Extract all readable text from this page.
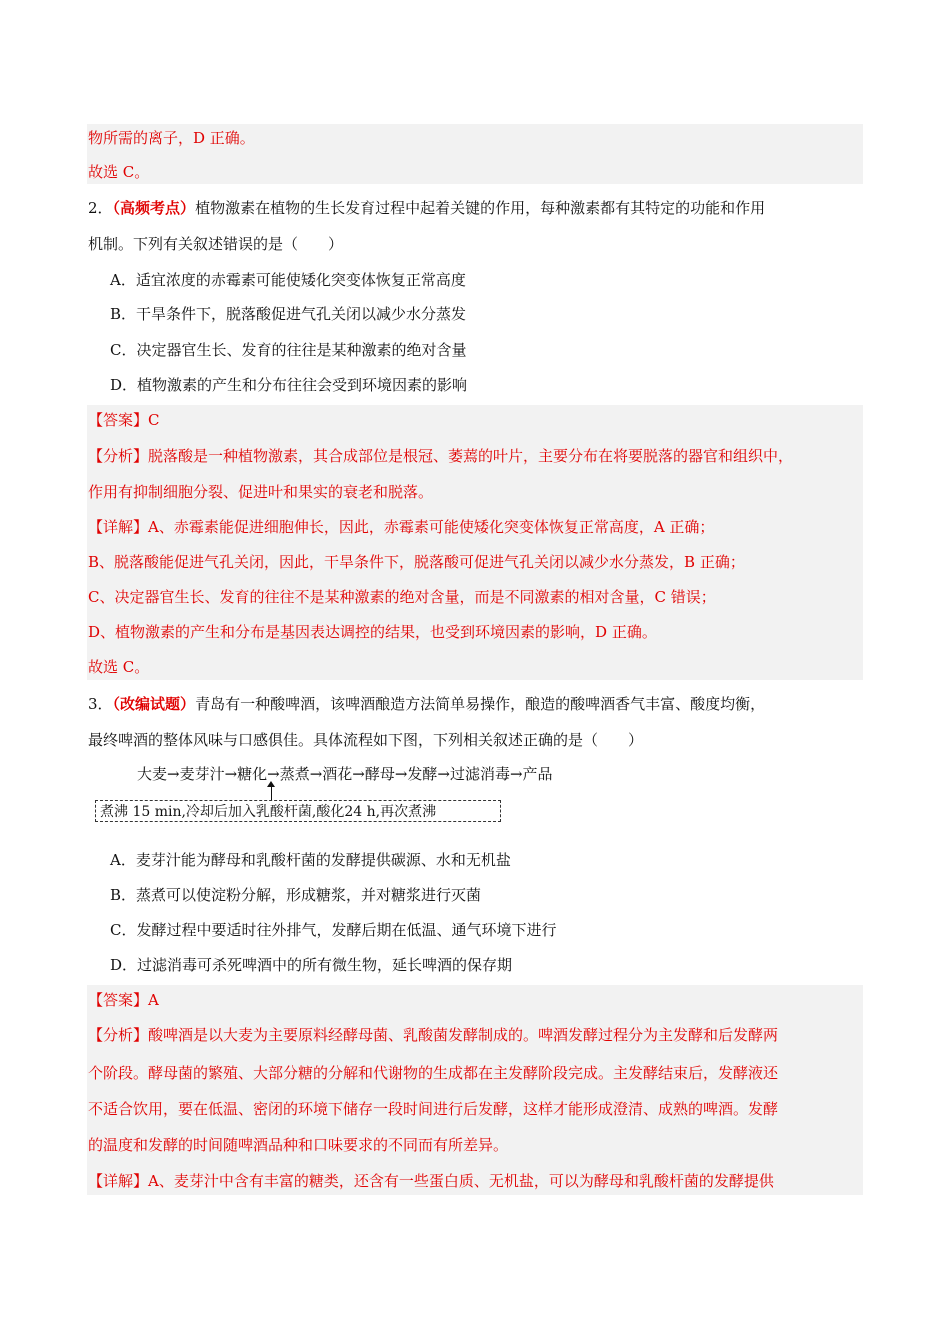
物所需的离子，D 正确。
故选 C。
2．（高频考点）植物激素在植物的生长发育过程中起着关键的作用，每种激素都有其特定的功能和作用
机制。下列有关叙述错误的是（　　）
A．适宜浓度的赤霉素可能使矮化突变体恢复正常高度
B．干旱条件下，脱落酸促进气孔关闭以减少水分蒸发
C．决定器官生长、发育的往往是某种激素的绝对含量
D．植物激素的产生和分布往往会受到环境因素的影响
【答案】C
【分析】脱落酸是一种植物激素，其合成部位是根冠、萎蔫的叶片，主要分布在将要脱落的器官和组织中，
作用有抑制细胞分裂、促进叶和果实的衰老和脱落。
【详解】A、赤霉素能促进细胞伸长，因此，赤霉素可能使矮化突变体恢复正常高度，A 正确；
B、脱落酸能促进气孔关闭，因此，干旱条件下，脱落酸可促进气孔关闭以减少水分蒸发，B 正确；
C、决定器官生长、发育的往往不是某种激素的绝对含量，而是不同激素的相对含量，C 错误；
D、植物激素的产生和分布是基因表达调控的结果，也受到环境因素的影响，D 正确。
故选 C。
3．（改编试题）青岛有一种酸啤酒，该啤酒酿造方法简单易操作，酿造的酸啤酒香气丰富、酸度均衡，
最终啤酒的整体风味与口感俱佳。具体流程如下图，下列相关叙述正确的是（　　）
大麦→麦芽汁→糖化→蒸煮→酒花→酵母→发酵→过滤消毒→产品
煮沸 15 min,冷却后加入乳酸杆菌,酸化24 h,再次煮沸
A．麦芽汁能为酵母和乳酸杆菌的发酵提供碳源、水和无机盐
B．蒸煮可以使淀粉分解，形成糖浆，并对糖浆进行灭菌
C．发酵过程中要适时往外排气，发酵后期在低温、通气环境下进行
D．过滤消毒可杀死啤酒中的所有微生物，延长啤酒的保存期
【答案】A
【分析】酸啤酒是以大麦为主要原料经酵母菌、乳酸菌发酵制成的。啤酒发酵过程分为主发酵和后发酵两
个阶段。酵母菌的繁殖、大部分糖的分解和代谢物的生成都在主发酵阶段完成。主发酵结束后，发酵液还
不适合饮用，要在低温、密闭的环境下储存一段时间进行后发酵，这样才能形成澄清、成熟的啤酒。发酵
的温度和发酵的时间随啤酒品种和口味要求的不同而有所差异。
【详解】A、麦芽汁中含有丰富的糖类，还含有一些蛋白质、无机盐，可以为酵母和乳酸杆菌的发酵提供
